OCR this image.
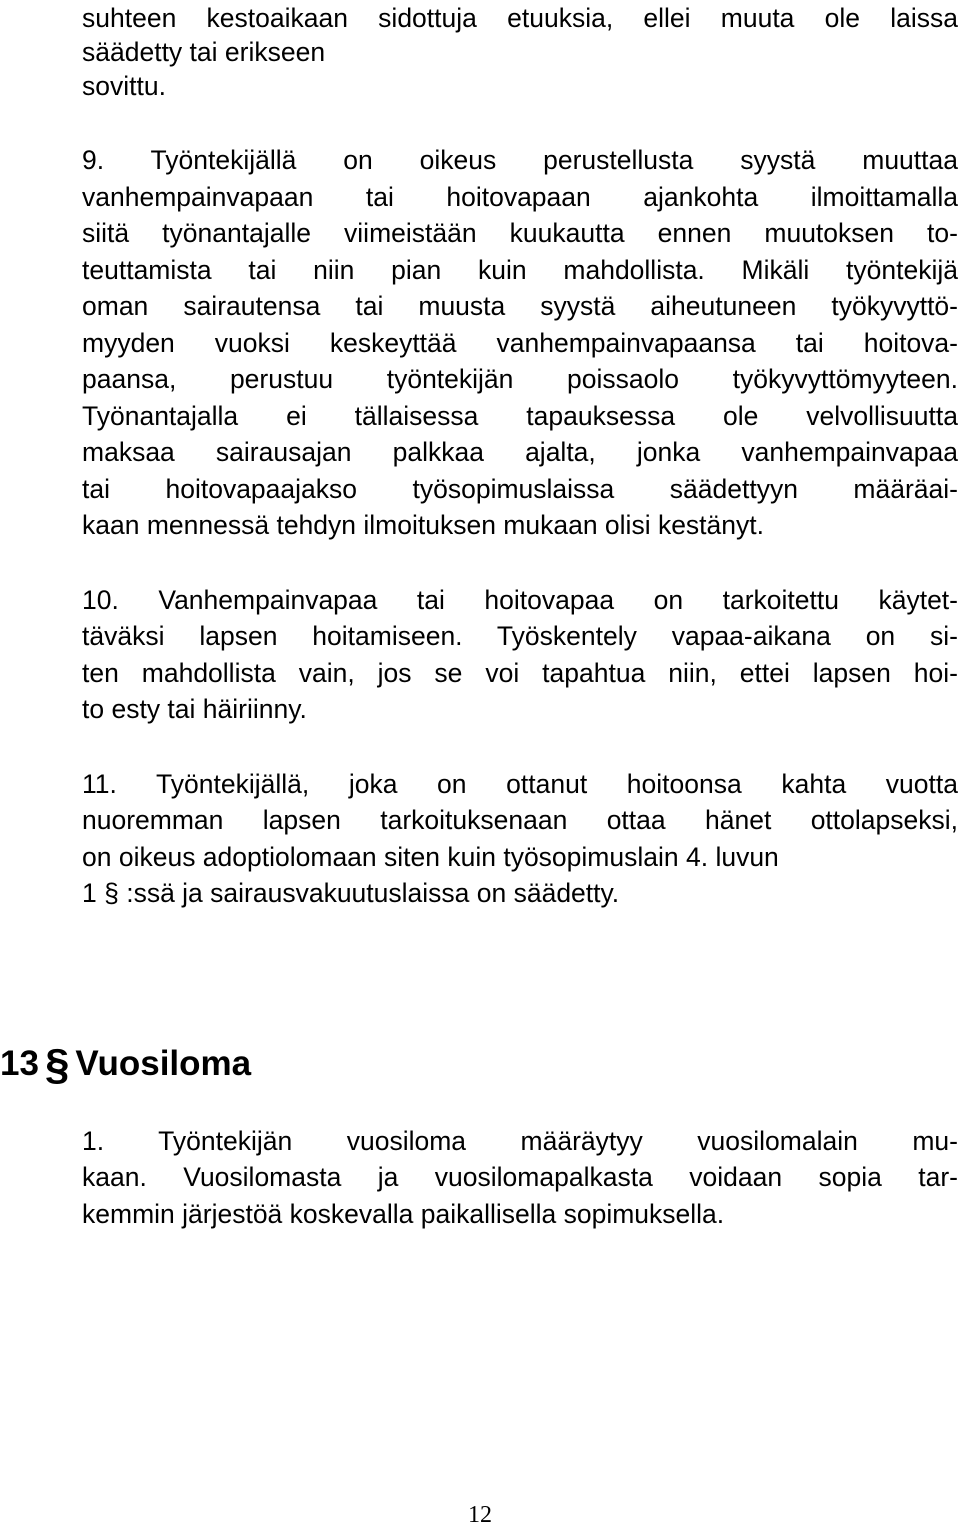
suhteen kestoaikaan sidottuja etuuksia, ellei muuta ole laissa

säädetty tai erikseen

sovittu.

9. Työntekijällä on oikeus perustellusta syystä muuttaa

vanhempainvapaan tai hoitovapaan ajankohta ilmoittamalla

siitä työnantajalle viimeistään kuukautta ennen muutoksen to-

teuttamista tai niin pian kuin mahdollista. Mikäli työntekijä

oman sairautensa tai muusta syystä aiheutuneen työkyvyttö-

myyden vuoksi keskeyttää vanhempainvapaansa tai hoitova-

paansa, perustuu työntekijän poissaolo työkyvyttömyyteen.

Työnantajalla ei tällaisessa tapauksessa ole velvollisuutta

maksaa sairausajan palkkaa ajalta, jonka vanhempainvapaa

tai hoitovapaajakso työsopimuslaissa säädettyyn määräai-

kaan mennessä tehdyn ilmoituksen mukaan olisi kestänyt.

10. Vanhempainvapaa tai hoitovapaa on tarkoitettu käytet-

täväksi lapsen hoitamiseen. Työskentely vapaa-aikana on si-

ten mahdollista vain, jos se voi tapahtua niin, ettei lapsen hoi-

to esty tai häiriinny.

11. Työntekijällä, joka on ottanut hoitoonsa kahta vuotta

nuoremman lapsen tarkoituksenaan ottaa hänet ottolapseksi,

on oikeus adoptiolomaan siten kuin työsopimuslain 4. luvun

1 § :ssä ja sairausvakuutuslaissa on säädetty.

13 § Vuosiloma

1. Työntekijän vuosiloma määräytyy vuosilomalain mu-

kaan. Vuosilomasta ja vuosilomapalkasta voidaan sopia tar-

kemmin järjestöä koskevalla paikallisella sopimuksella.

12
